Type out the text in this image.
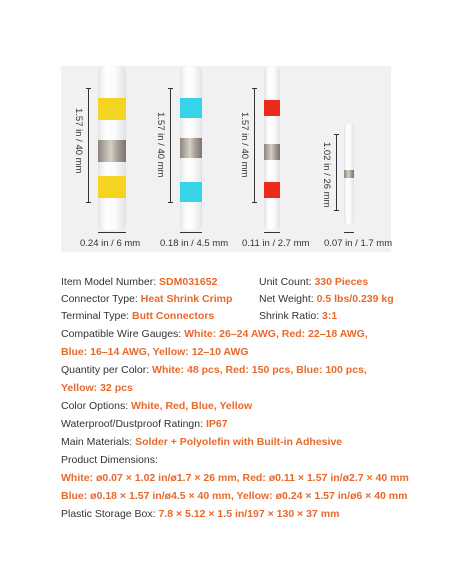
1.57 in / 40 mm
0.24 in / 6 mm
1.57 in / 40 mm
0.18 in / 4.5 mm
1.57 in / 40 mm
0.11 in / 2.7 mm
1.02 in / 26 mm
0.07 in / 1.7 mm
Item Model Number: SDM031652	Unit Count: 330 Pieces
Connector Type: Heat Shrink Crimp	Net Weight: 0.5 lbs/0.239 kg
Terminal Type: Butt Connectors	Shrink Ratio: 3:1
Compatible Wire Gauges: White: 26–24 AWG, Red: 22–18 AWG,
Blue: 16–14 AWG, Yellow: 12–10 AWG
Quantity per Color: White: 48 pcs, Red: 150 pcs, Blue: 100 pcs,
Yellow: 32 pcs
Color Options: White, Red, Blue, Yellow
Waterproof/Dustproof Ratingn: IP67
Main Materials: Solder + Polyolefin with Built-in Adhesive
Product Dimensions:
White: ø0.07 × 1.02 in/ø1.7 × 26 mm, Red: ø0.11 × 1.57 in/ø2.7 × 40 mm
Blue: ø0.18 × 1.57 in/ø4.5 × 40 mm, Yellow: ø0.24 × 1.57 in/ø6 × 40 mm
Plastic Storage Box: 7.8 × 5.12 × 1.5 in/197 × 130 × 37 mm
